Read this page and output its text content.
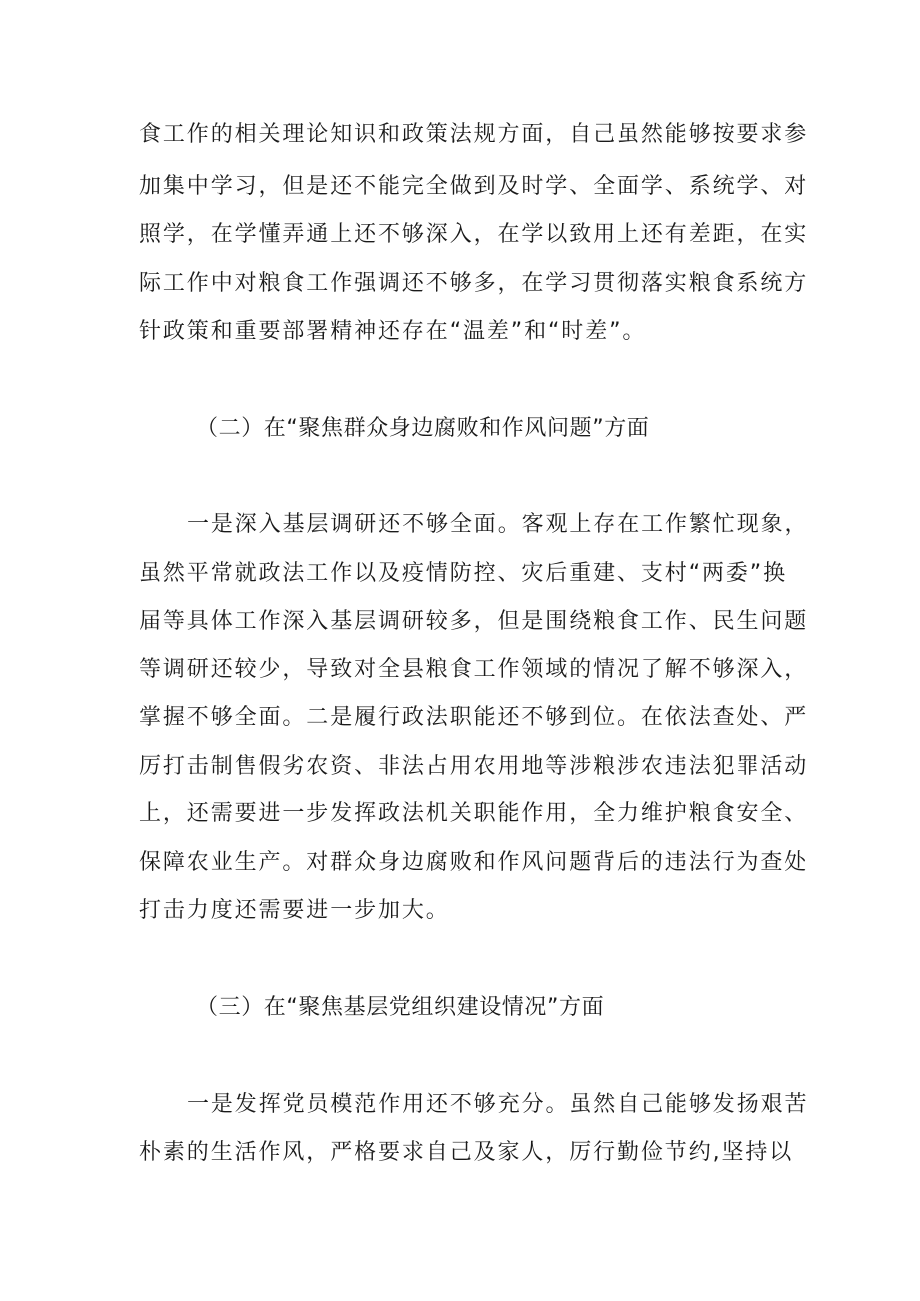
食工作的相关理论知识和政策法规方面，自己虽然能够按要求参
加集中学习，但是还不能完全做到及时学、全面学、系统学、对
照学，在学懂弄通上还不够深入，在学以致用上还有差距，在实
际工作中对粮食工作强调还不够多，在学习贯彻落实粮食系统方
针政策和重要部署精神还存在“温差”和“时差”。
（二）在“聚焦群众身边腐败和作风问题”方面
一是深入基层调研还不够全面。客观上存在工作繁忙现象，
虽然平常就政法工作以及疫情防控、灾后重建、支村“两委”换
届等具体工作深入基层调研较多，但是围绕粮食工作、民生问题
等调研还较少，导致对全县粮食工作领域的情况了解不够深入，
掌握不够全面。二是履行政法职能还不够到位。在依法查处、严
厉打击制售假劣农资、非法占用农用地等涉粮涉农违法犯罪活动
上，还需要进一步发挥政法机关职能作用，全力维护粮食安全、
保障农业生产。对群众身边腐败和作风问题背后的违法行为查处
打击力度还需要进一步加大。
（三）在“聚焦基层党组织建设情况”方面
一是发挥党员模范作用还不够充分。虽然自己能够发扬艰苦
朴素的生活作风，严格要求自己及家人，厉行勤俭节约,坚持以
